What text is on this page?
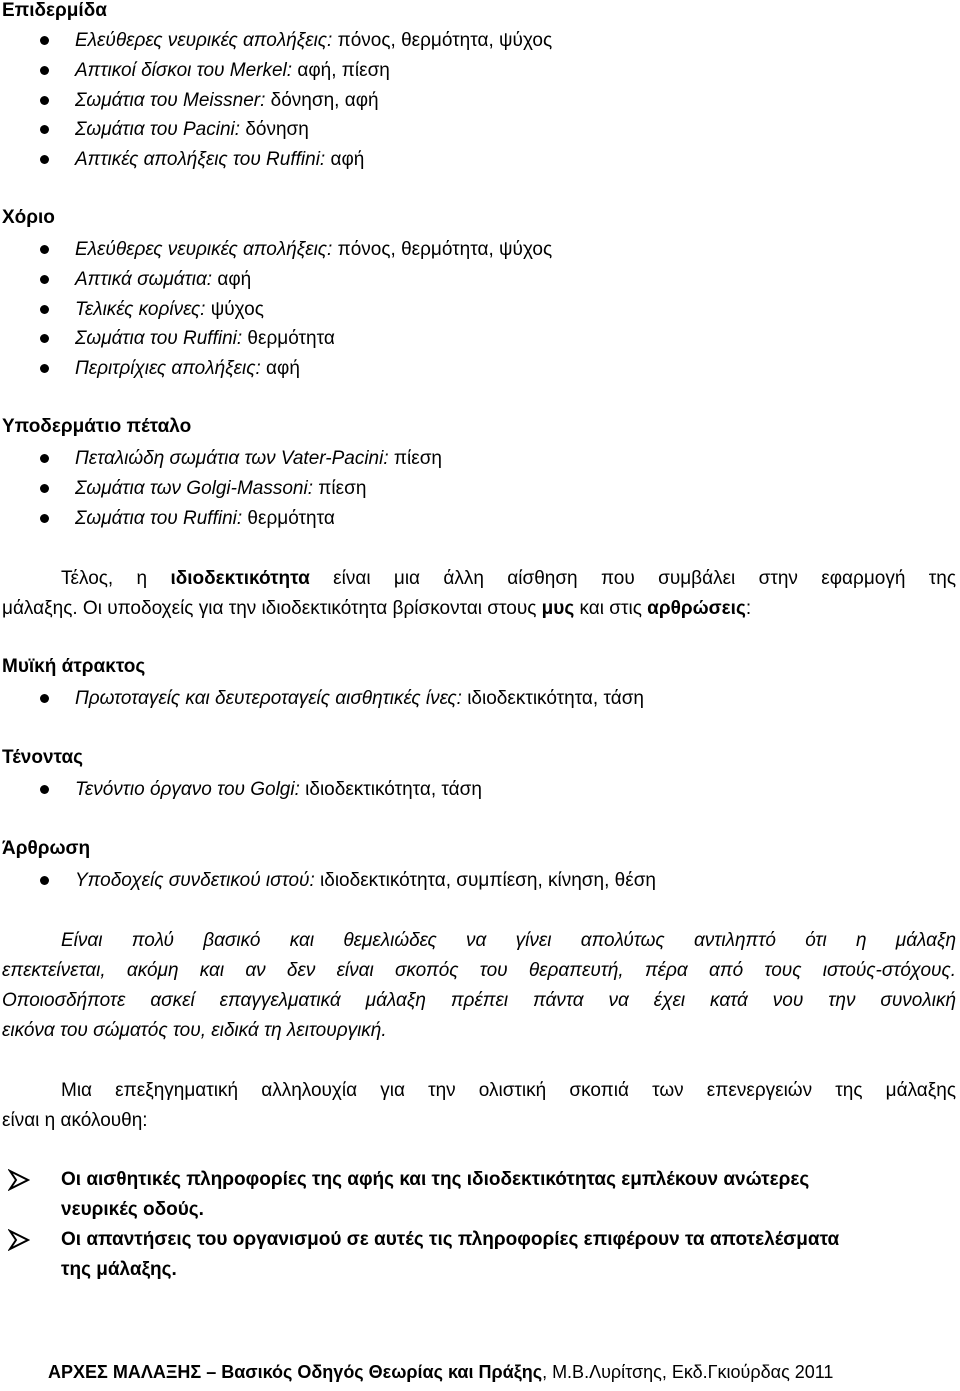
Επιδερμίδα
Ελεύθερες νευρικές απολήξεις: πόνος, θερμότητα, ψύχος
Απτικοί δίσκοι του Merkel: αφή, πίεση
Σωμάτια του Meissner: δόνηση, αφή
Σωμάτια του Pacini: δόνηση
Απτικές απολήξεις του Ruffini: αφή
Χόριο
Ελεύθερες νευρικές απολήξεις: πόνος, θερμότητα, ψύχος
Απτικά σωμάτια: αφή
Τελικές κορίνες: ψύχος
Σωμάτια του Ruffini: θερμότητα
Περιτρίχιες απολήξεις: αφή
Υποδερμάτιο πέταλο
Πεταλιώδη σωμάτια των Vater-Pacini: πίεση
Σωμάτια των Golgi-Massoni: πίεση
Σωμάτια του Ruffini: θερμότητα
Τέλος, η ιδιοδεκτικότητα είναι μια άλλη αίσθηση που συμβάλει στην εφαρμογή της
μάλαξης. Οι υποδοχείς για την ιδιοδεκτικότητα βρίσκονται στους μυς και στις αρθρώσεις:
Μυϊκή άτρακτος
Πρωτοταγείς και δευτεροταγείς αισθητικές ίνες: ιδιοδεκτικότητα, τάση
Τένοντας
Τενόντιο όργανο του Golgi: ιδιοδεκτικότητα, τάση
Άρθρωση
Υποδοχείς συνδετικού ιστού: ιδιοδεκτικότητα, συμπίεση, κίνηση, θέση
Είναι πολύ βασικό και θεμελιώδες να γίνει απολύτως αντιληπτό ότι η μάλαξη
επεκτείνεται, ακόμη και αν δεν είναι σκοπός του θεραπευτή, πέρα από τους ιστούς-στόχους.
Οποιοσδήποτε ασκεί επαγγελματικά μάλαξη πρέπει πάντα να έχει κατά νου την συνολική
εικόνα του σώματός του, ειδικά τη λειτουργική.
Μια επεξηγηματική αλληλουχία για την ολιστική σκοπιά των επενεργειών της μάλαξης
είναι η ακόλουθη:
Οι αισθητικές πληροφορίες της αφής και της ιδιοδεκτικότητας εμπλέκουν ανώτερες
νευρικές οδούς.
Οι απαντήσεις του οργανισμού σε αυτές τις πληροφορίες επιφέρουν τα αποτελέσματα
της μάλαξης.
ΑΡΧΕΣ ΜΑΛΑΞΗΣ – Βασικός Οδηγός Θεωρίας και Πράξης, Μ.Β.Λυρίτσης, Εκδ.Γκιούρδας 2011
